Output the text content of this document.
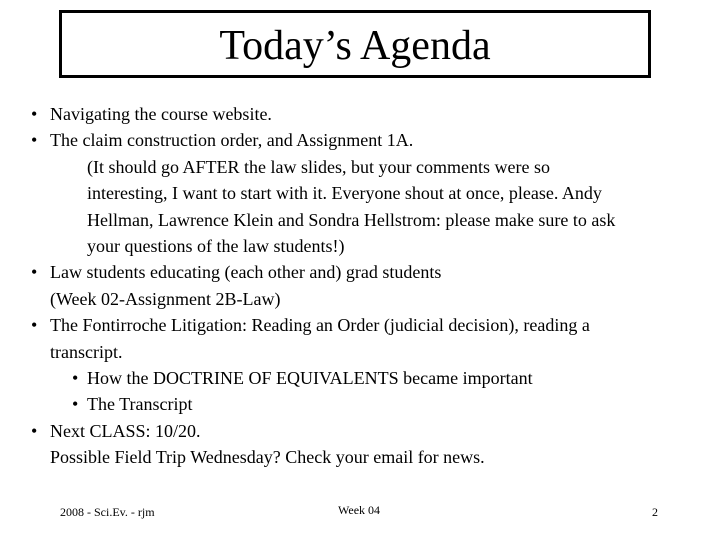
Today’s Agenda
• Navigating the course website.
• The claim construction order, and Assignment 1A.
(It should go AFTER the law slides, but your comments were so
interesting, I want to start with it. Everyone shout at once, please. Andy
Hellman, Lawrence Klein and Sondra Hellstrom: please make sure to ask
your questions of the law students!)
• Law students educating (each other and) grad students
(Week 02-Assignment 2B-Law)
• The Fontirroche Litigation: Reading an Order (judicial decision), reading a
transcript.
• How the DOCTRINE OF EQUIVALENTS became important
• The Transcript
• Next CLASS: 10/20.
Possible Field Trip Wednesday? Check your email for news.
2008 - Sci.Ev. - rjm	Week 04	2
